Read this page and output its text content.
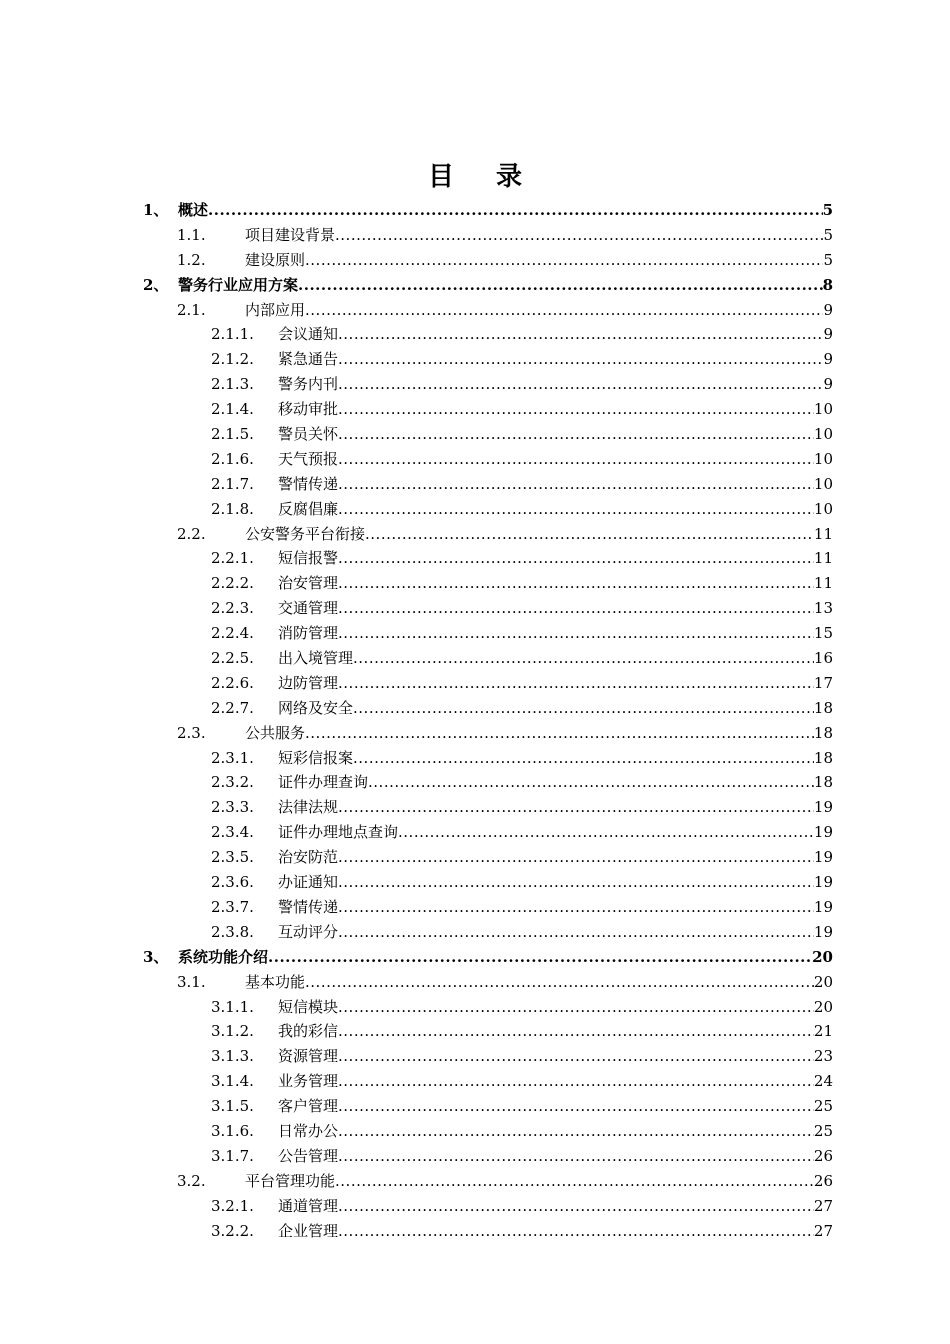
目 录
1、 概述 .....	5
1.1.	项目建设背景 .....	5
1.2.	建设原则 .....	5
2、 警务行业应用方案 .....	8
2.1.	内部应用 .....	9
2.1.1. 会议通知 .....	9
2.1.2. 紧急通告 .....	9
2.1.3. 警务内刊 .....	9
2.1.4. 移动审批 .....	10
2.1.5. 警员关怀 .....	10
2.1.6. 天气预报 .....	10
2.1.7. 警情传递 .....	10
2.1.8. 反腐倡廉 .....	10
2.2.	公安警务平台衔接 .....	11
2.2.1. 短信报警 .....	11
2.2.2. 治安管理 .....	11
2.2.3. 交通管理 .....	13
2.2.4. 消防管理 .....	15
2.2.5. 出入境管理 .....	16
2.2.6. 边防管理 .....	17
2.2.7. 网络及安全 .....	18
2.3.	公共服务 .....	18
2.3.1. 短彩信报案 .....	18
2.3.2. 证件办理查询 .....	18
2.3.3. 法律法规 .....	19
2.3.4. 证件办理地点查询 .....	19
2.3.5. 治安防范 .....	19
2.3.6. 办证通知 .....	19
2.3.7. 警情传递 .....	19
2.3.8. 互动评分 .....	19
3、 系统功能介绍 .....	20
3.1.	基本功能 .....	20
3.1.1. 短信模块 .....	20
3.1.2. 我的彩信 .....	21
3.1.3. 资源管理 .....	23
3.1.4. 业务管理 .....	24
3.1.5. 客户管理 .....	25
3.1.6. 日常办公 .....	25
3.1.7. 公告管理 .....	26
3.2.	平台管理功能 .....	26
3.2.1. 通道管理 .....	27
3.2.2. 企业管理 .....	27
